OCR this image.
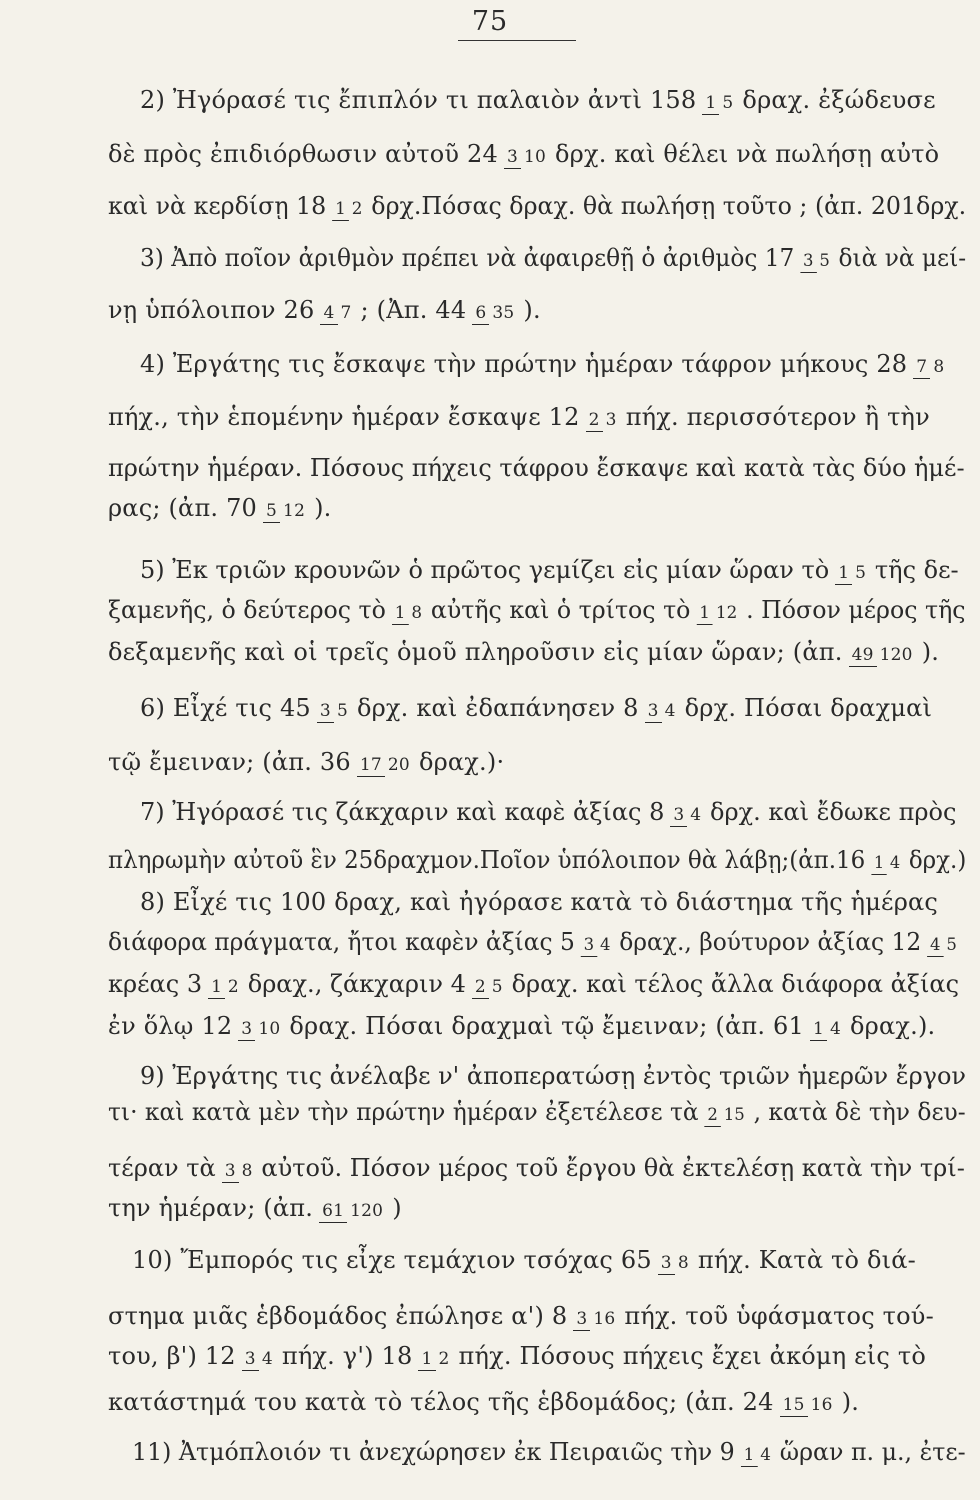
75
2) Ἠγόρασέ τις ἔπιπλόν τι παλαιὸν ἀντὶ 158 1 5 δραχ. ἐξώδευσε
δὲ πρὸς ἐπιδιόρθωσιν αὐτοῦ 24 3 10 δρχ. καὶ θέλει νὰ πωλήσῃ αὐτὸ
καὶ νὰ κερδίσῃ 18 1 2 δρχ.Πόσας δραχ. θὰ πωλήσῃ τοῦτο ; (ἀπ. 201δρχ.
3) Ἀπὸ ποῖον ἀριθμὸν πρέπει νὰ ἀφαιρεθῇ ὁ ἀριθμὸς 17 3 5 διὰ νὰ μεί-
νῃ ὑπόλοιπον 26 4 7 ; (Ἀπ. 44 6 35 ).
4) Ἐργάτης τις ἔσκαψε τὴν πρώτην ἡμέραν τάφρον μήκους 28 7 8
πήχ., τὴν ἑπομένην ἡμέραν ἔσκαψε 12 2 3 πήχ. περισσότερον ἢ τὴν
πρώτην ἡμέραν. Πόσους πήχεις τάφρου ἔσκαψε καὶ κατὰ τὰς δύο ἡμέ-
ρας; (ἀπ. 70 5 12 ).
5) Ἐκ τριῶν κρουνῶν ὁ πρῶτος γεμίζει εἰς μίαν ὥραν τὸ 1 5 τῆς δε-
ξαμενῆς, ὁ δεύτερος τὸ 1 8 αὐτῆς καὶ ὁ τρίτος τὸ 1 12 . Πόσον μέρος τῆς
δεξαμενῆς καὶ οἱ τρεῖς ὁμοῦ πληροῦσιν εἰς μίαν ὥραν; (ἀπ. 49 120 ).
6) Εἶχέ τις 45 3 5 δρχ. καὶ ἐδαπάνησεν 8 3 4 δρχ. Πόσαι δραχμαὶ
τῷ ἔμειναν; (ἀπ. 36 17 20 δραχ.)·
7) Ἠγόρασέ τις ζάκχαριν καὶ καφὲ ἀξίας 8 3 4 δρχ. καὶ ἔδωκε πρὸς
πληρωμὴν αὐτοῦ ἓν 25δραχμον.Ποῖον ὑπόλοιπον θὰ λάβῃ;(ἀπ.16 1 4 δρχ.)
8) Εἶχέ τις 100 δραχ, καὶ ἠγόρασε κατὰ τὸ διάστημα τῆς ἡμέρας
διάφορα πράγματα, ἤτοι καφὲν ἀξίας 5 3 4 δραχ., βούτυρον ἀξίας 12 4 5
κρέας 3 1 2 δραχ., ζάκχαριν 4 2 5 δραχ. καὶ τέλος ἄλλα διάφορα ἀξίας
ἐν ὅλῳ 12 3 10 δραχ. Πόσαι δραχμαὶ τῷ ἔμειναν; (ἀπ. 61 1 4 δραχ.).
9) Ἐργάτης τις ἀνέλαβε ν' ἀποπερατώσῃ ἐντὸς τριῶν ἡμερῶν ἔργον
τι· καὶ κατὰ μὲν τὴν πρώτην ἡμέραν ἐξετέλεσε τὰ 2 15 , κατὰ δὲ τὴν δευ-
τέραν τὰ 3 8 αὐτοῦ. Πόσον μέρος τοῦ ἔργου θὰ ἐκτελέσῃ κατὰ τὴν τρί-
την ἡμέραν; (ἀπ. 61 120 )
10) Ἔμπορός τις εἶχε τεμάχιον τσόχας 65 3 8 πήχ. Κατὰ τὸ διά-
στημα μιᾶς ἑβδομάδος ἐπώλησε α') 8 3 16 πήχ. τοῦ ὑφάσματος τού-
του, β') 12 3 4 πήχ. γ') 18 1 2 πήχ. Πόσους πήχεις ἔχει ἀκόμη εἰς τὸ
κατάστημά του κατὰ τὸ τέλος τῆς ἑβδομάδος; (ἀπ. 24 15 16 ).
11) Ἀτμόπλοιόν τι ἀνεχώρησεν ἐκ Πειραιῶς τὴν 9 1 4 ὥραν π. μ., ἐτε-
